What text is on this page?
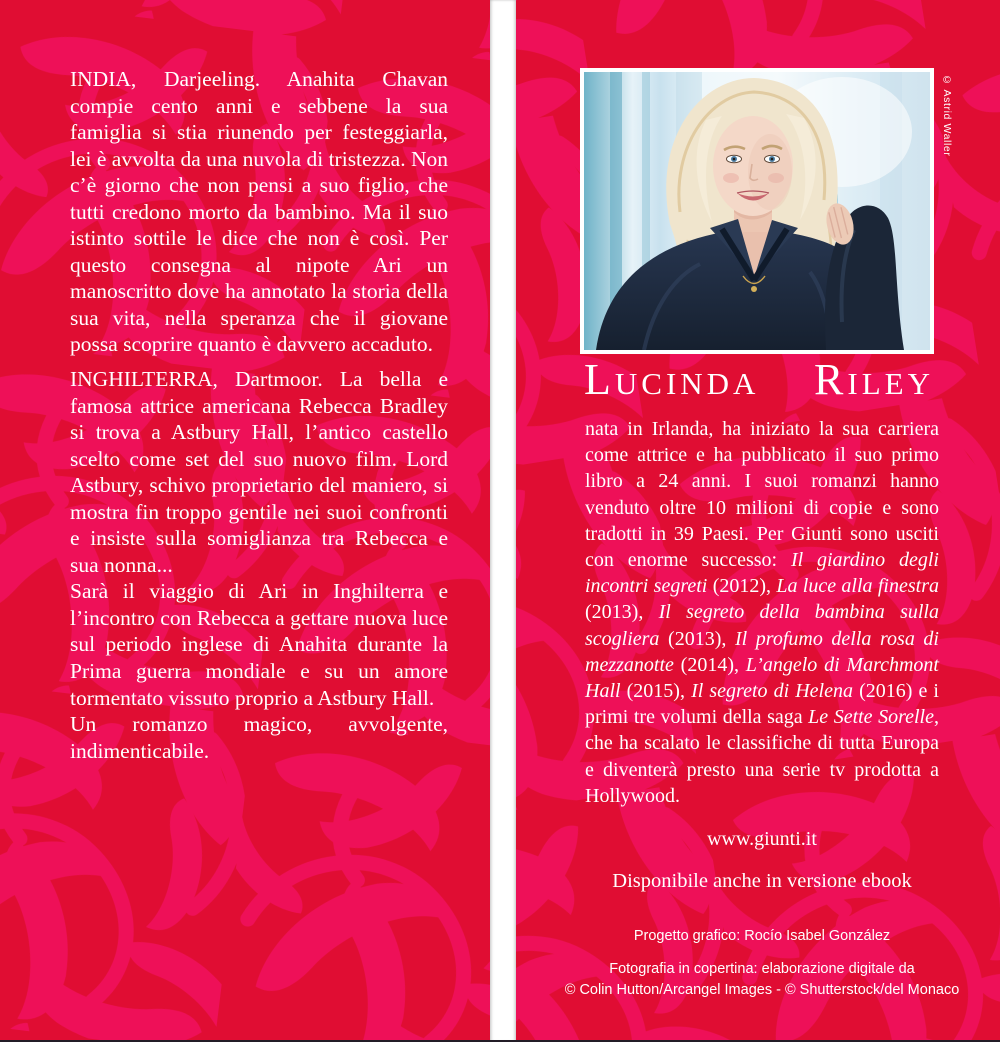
INDIA, Darjeeling. Anahita Chavan compie cento anni e sebbene la sua famiglia si stia riunendo per festeggiarla, lei è avvolta da una nuvola di tristezza. Non c’è giorno che non pensi a suo figlio, che tutti credono morto da bambino. Ma il suo istinto sottile le dice che non è così. Per questo consegna al nipote Ari un manoscritto dove ha annotato la storia della sua vita, nella speranza che il giovane possa scoprire quanto è davvero accaduto.

INGHILTERRA, Dartmoor. La bella e famosa attrice americana Rebecca Bradley si trova a Astbury Hall, l’antico castello scelto come set del suo nuovo film. Lord Astbury, schivo proprietario del maniero, si mostra fin troppo gentile nei suoi confronti e insiste sulla somiglianza tra Rebecca e sua nonna...

Sarà il viaggio di Ari in Inghilterra e l’incontro con Rebecca a gettare nuova luce sul periodo inglese di Anahita durante la Prima guerra mondiale e su un amore tormentato vissuto proprio a Astbury Hall.

Un romanzo magico, avvolgente, indimenticabile.

© Astrid Waller
L UCINDA R ILEY
nata in Irlanda, ha iniziato la sua carriera come attrice e ha pubblicato il suo primo libro a 24 anni. I suoi romanzi hanno venduto oltre 10 milioni di copie e sono tradotti in 39 Paesi. Per Giunti sono usciti con enorme successo: Il giardino degli incontri segreti (2012), La luce alla finestra (2013), Il segreto della bambina sulla scogliera (2013), Il profumo della rosa di mezzanotte (2014), L’angelo di Marchmont Hall (2015), Il segreto di Helena (2016) e i primi tre volumi della saga Le Sette Sorelle, che ha scalato le classifiche di tutta Europa e diventerà presto una serie tv prodotta a Hollywood.
www.giunti.it
Disponibile anche in versione ebook
Progetto grafico: Rocío Isabel González
Fotografia in copertina: elaborazione digitale da
© Colin Hutton/Arcangel Images - © Shutterstock/del Monaco
